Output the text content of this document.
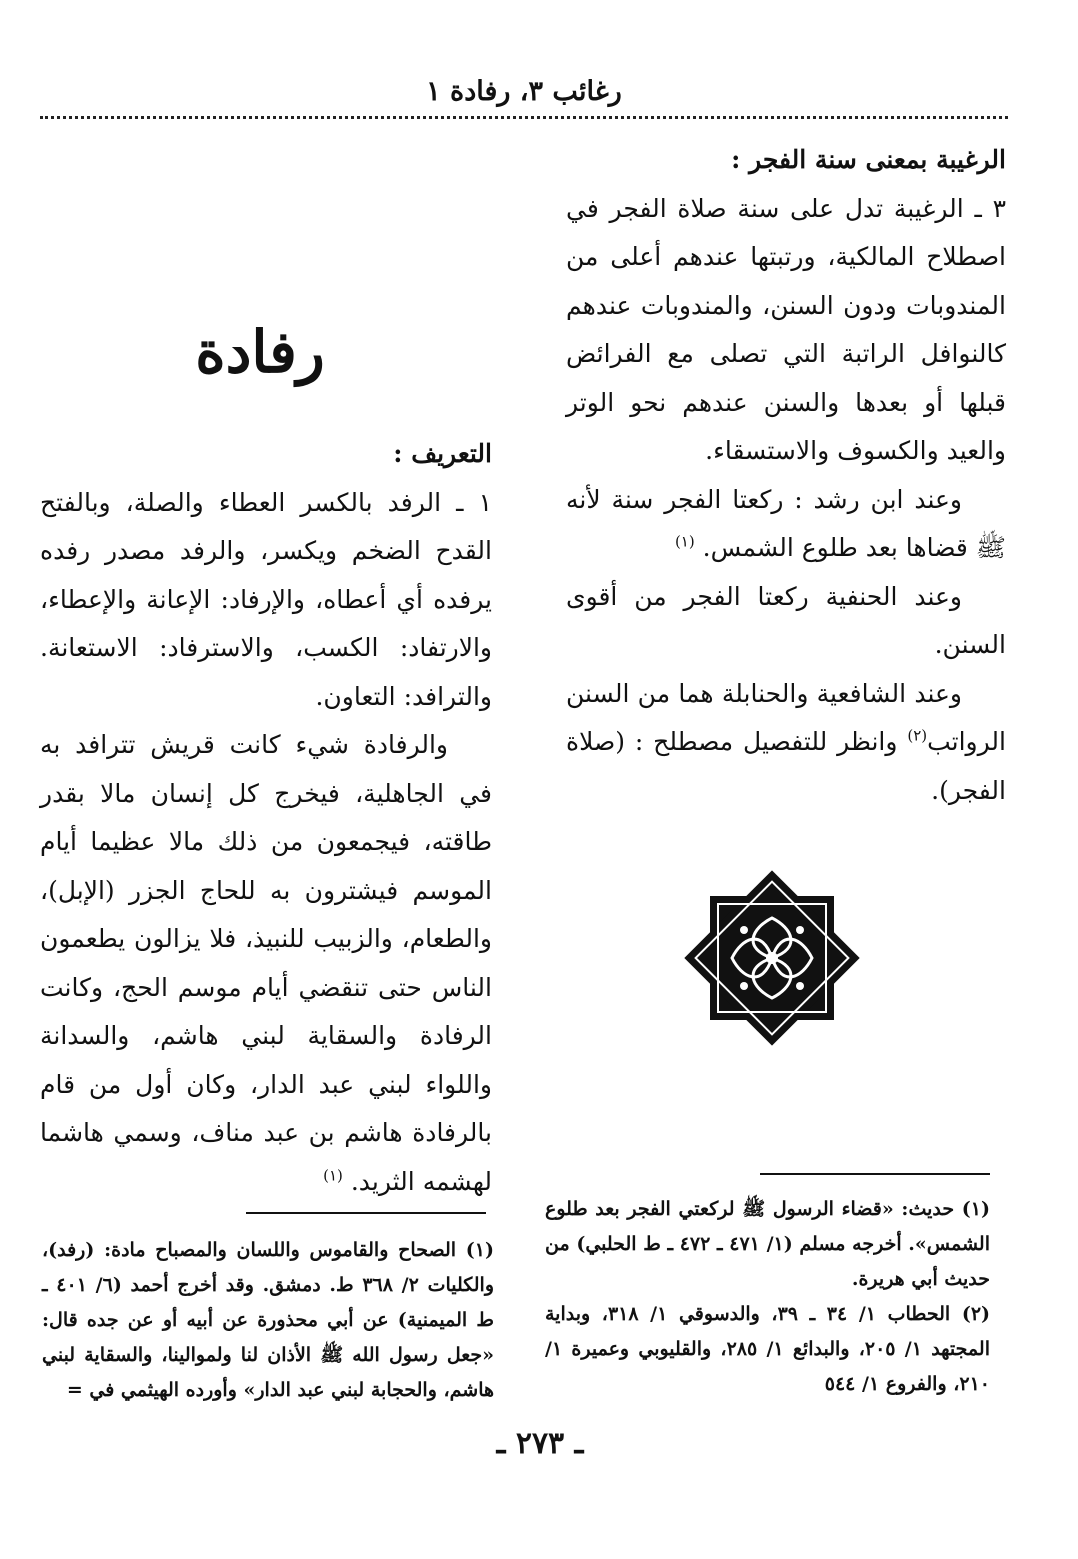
رغائب ٣، رفادة ١

الرغيبة بمعنى سنة الفجر :

٣ ـ الرغيبة تدل على سنة صلاة الفجر في اصطلاح المالكية، ورتبتها عندهم أعلى من المندوبات ودون السنن، والمندوبات عندهم كالنوافل الراتبة التي تصلى مع الفرائض قبلها أو بعدها والسنن عندهم نحو الوتر والعيد والكسوف والاستسقاء.

وعند ابن رشد : ركعتا الفجر سنة لأنه ﷺ قضاها بعد طلوع الشمس. $^{(١)}$

وعند الحنفية ركعتا الفجر من أقوى السنن.

وعند الشافعية والحنابلة هما من السنن الرواتب$^{(٢)}$ وانظر للتفصيل مصطلح : (صلاة الفجر).

رفادة

التعريف :

١ ـ الرفد بالكسر العطاء والصلة، وبالفتح القدح الضخم ويكسر، والرفد مصدر رفده يرفده أي أعطاه، والإرفاد: الإعانة والإعطاء، والارتفاد: الكسب، والاسترفاد: الاستعانة. والترافد: التعاون.

والرفادة شيء كانت قريش تترافد به في الجاهلية، فيخرج كل إنسان مالا بقدر طاقته، فيجمعون من ذلك مالا عظيما أيام الموسم فيشترون به للحاج الجزر (الإبل)، والطعام، والزبيب للنبيذ، فلا يزالون يطعمون الناس حتى تنقضي أيام موسم الحج، وكانت الرفادة والسقاية لبني هاشم، والسدانة واللواء لبني عبد الدار، وكان أول من قام بالرفادة هاشم بن عبد مناف، وسمي هاشما لهشمه الثريد. $^{(١)}$

(١) حديث: «قضاء الرسول ﷺ لركعتي الفجر بعد طلوع الشمس». أخرجه مسلم (١/ ٤٧١ ـ ٤٧٢ ـ ط الحلبي) من حديث أبي هريرة.

(٢) الحطاب ١/ ٣٤ ـ ٣٩، والدسوقي ١/ ٣١٨، وبداية المجتهد ١/ ٢٠٥، والبدائع ١/ ٢٨٥، والقليوبي وعميرة ١/ ٢١٠، والفروع ١/ ٥٤٤

(١) الصحاح والقاموس واللسان والمصباح مادة: (رفد)، والكليات ٢/ ٣٦٨ ط. دمشق. وقد أخرج أحمد (٦/ ٤٠١ ـ ط الميمنية) عن أبي محذورة عن أبيه أو عن جده قال: «جعل رسول الله ﷺ الأذان لنا ولموالينا، والسقاية لبني هاشم، والحجابة لبني عبد الدار» وأورده الهيثمي في =

ـ ٢٧٣ ـ
